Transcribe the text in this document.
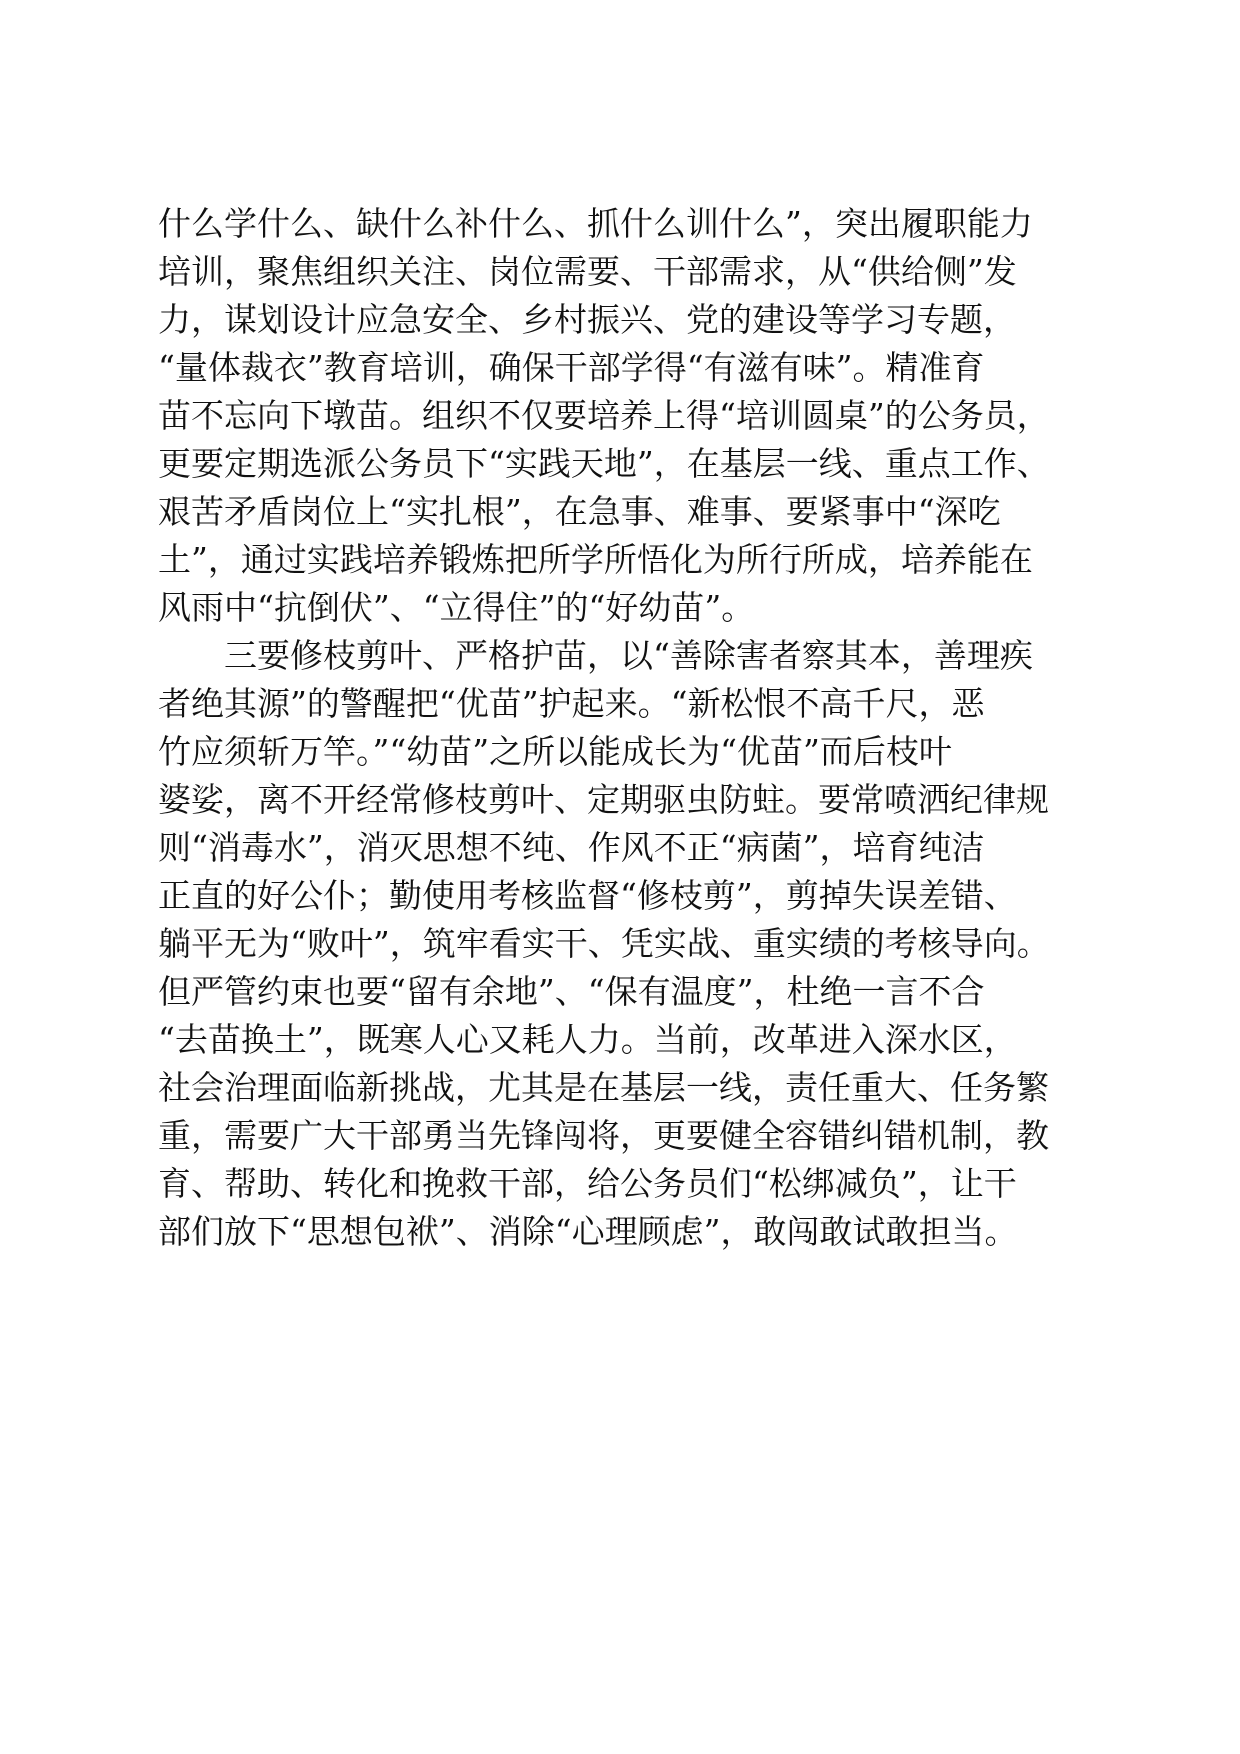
什么学什么、缺什么补什么、抓什么训什么”，突出履职能力
培训，聚焦组织关注、岗位需要、干部需求，从“供给侧”发
力，谋划设计应急安全、乡村振兴、党的建设等学习专题，
“量体裁衣”教育培训，确保干部学得“有滋有味”。精准育
苗不忘向下墩苗。组织不仅要培养上得“培训圆桌”的公务员，
更要定期选派公务员下“实践天地”，在基层一线、重点工作、
艰苦矛盾岗位上“实扎根”，在急事、难事、要紧事中“深吃
土”，通过实践培养锻炼把所学所悟化为所行所成，培养能在
风雨中“抗倒伏”、“立得住”的“好幼苗”。
　　三要修枝剪叶、严格护苗，以“善除害者察其本，善理疾
者绝其源”的警醒把“优苗”护起来。“新松恨不高千尺，恶
竹应须斩万竿。”“幼苗”之所以能成长为“优苗”而后枝叶
婆娑，离不开经常修枝剪叶、定期驱虫防蛀。要常喷洒纪律规
则“消毒水”，消灭思想不纯、作风不正“病菌”，培育纯洁
正直的好公仆；勤使用考核监督“修枝剪”，剪掉失误差错、
躺平无为“败叶”，筑牢看实干、凭实战、重实绩的考核导向。
但严管约束也要“留有余地”、“保有温度”，杜绝一言不合
“去苗换土”，既寒人心又耗人力。当前，改革进入深水区，
社会治理面临新挑战，尤其是在基层一线，责任重大、任务繁
重，需要广大干部勇当先锋闯将，更要健全容错纠错机制，教
育、帮助、转化和挽救干部，给公务员们“松绑减负”，让干
部们放下“思想包袱”、消除“心理顾虑”，敢闯敢试敢担当。
